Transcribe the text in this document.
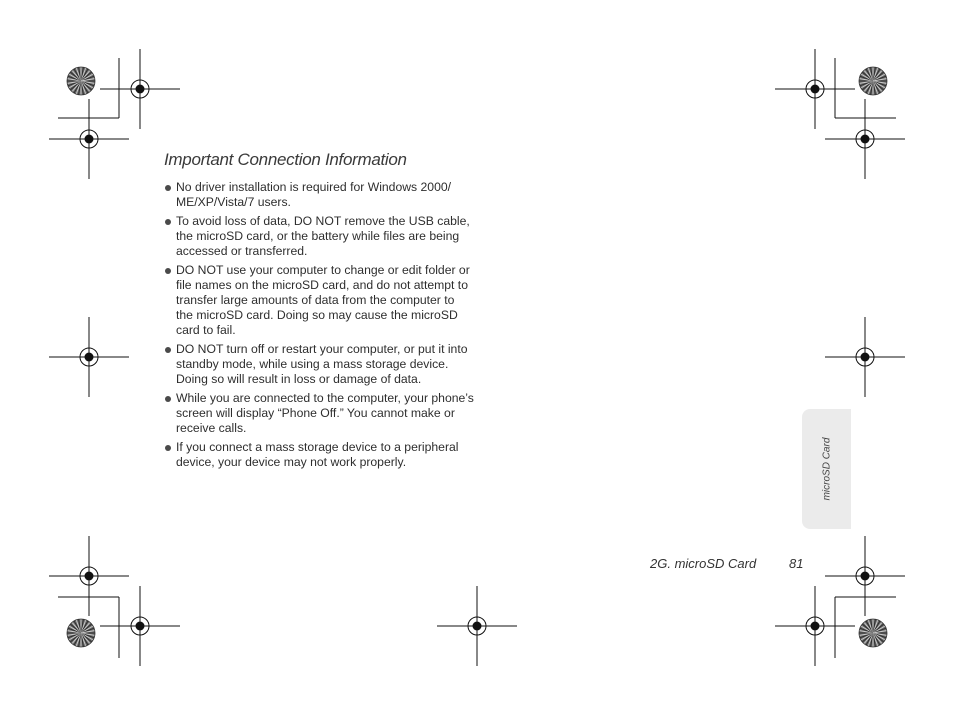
Important Connection Information
No driver installation is required for Windows 2000/ ME/XP/Vista/7 users.
To avoid loss of data, DO NOT remove the USB cable, the microSD card, or the battery while files are being accessed or transferred.
DO NOT use your computer to change or edit folder or file names on the microSD card, and do not attempt to transfer large amounts of data from the computer to the microSD card. Doing so may cause the microSD card to fail.
DO NOT turn off or restart your computer, or put it into standby mode, while using a mass storage device. Doing so will result in loss or damage of data.
While you are connected to the computer, your phone’s screen will display “Phone Off.” You cannot make or receive calls.
If you connect a mass storage device to a peripheral device, your device may not work properly.	microSD Card
2G. microSD Card	81
